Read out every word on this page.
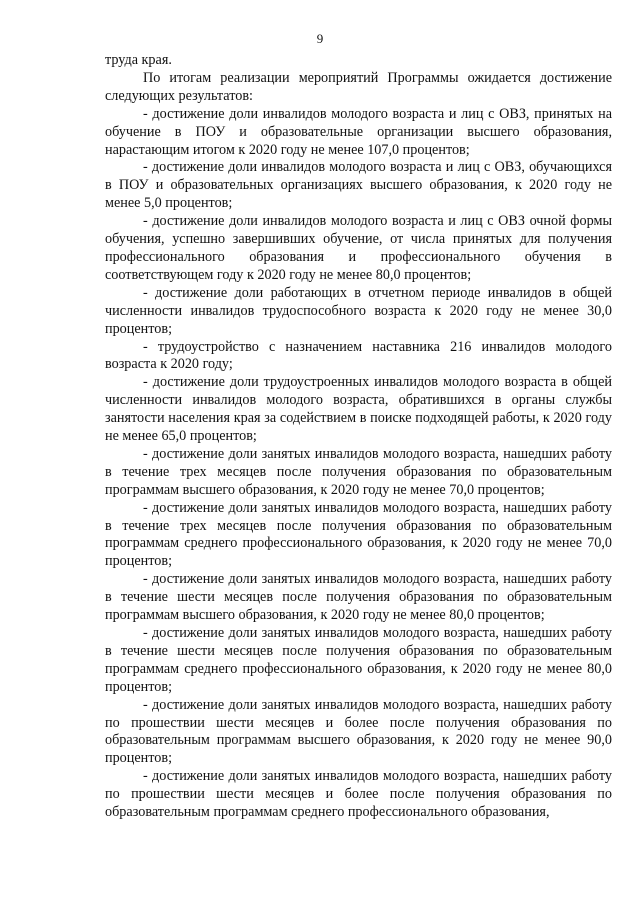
9

труда края.

По итогам реализации мероприятий Программы ожидается достижение следующих результатов:

- достижение доли инвалидов молодого возраста и лиц с ОВЗ, принятых на обучение в ПОУ и образовательные организации высшего образования, нарастающим итогом к 2020 году не менее 107,0 процентов;

- достижение доли инвалидов молодого возраста и лиц с ОВЗ, обучающихся в ПОУ и образовательных организациях высшего образования, к 2020 году не менее 5,0 процентов;

- достижение доли инвалидов молодого возраста и лиц с ОВЗ очной формы обучения, успешно завершивших обучение, от числа принятых для получения профессионального образования и профессионального обучения в соответствующем году к 2020 году не менее 80,0 процентов;

- достижение доли работающих в отчетном периоде инвалидов в общей численности инвалидов трудоспособного возраста к 2020 году не менее 30,0 процентов;

- трудоустройство с назначением наставника 216 инвалидов молодого возраста к 2020 году;

- достижение доли трудоустроенных инвалидов молодого возраста в общей численности инвалидов молодого возраста, обратившихся в органы службы занятости населения края за содействием в поиске подходящей работы, к 2020 году не менее 65,0 процентов;

- достижение доли занятых инвалидов молодого возраста, нашедших работу в течение трех месяцев после получения образования по образовательным программам высшего образования, к 2020 году не менее 70,0 процентов;

- достижение доли занятых инвалидов молодого возраста, нашедших работу в течение трех месяцев после получения образования по образовательным программам среднего профессионального образования, к 2020 году не менее 70,0 процентов;

- достижение доли занятых инвалидов молодого возраста, нашедших работу в течение шести месяцев после получения образования по образовательным программам высшего образования, к 2020 году не менее 80,0 процентов;

- достижение доли занятых инвалидов молодого возраста, нашедших работу в течение шести месяцев после получения образования по образовательным программам среднего профессионального образования, к 2020 году не менее 80,0 процентов;

- достижение доли занятых инвалидов молодого возраста, нашедших работу по прошествии шести месяцев и более после получения образования по образовательным программам высшего образования, к 2020 году не менее 90,0 процентов;

- достижение доли занятых инвалидов молодого возраста, нашедших работу по прошествии шести месяцев и более после получения образования по образовательным программам среднего профессионального образования,
